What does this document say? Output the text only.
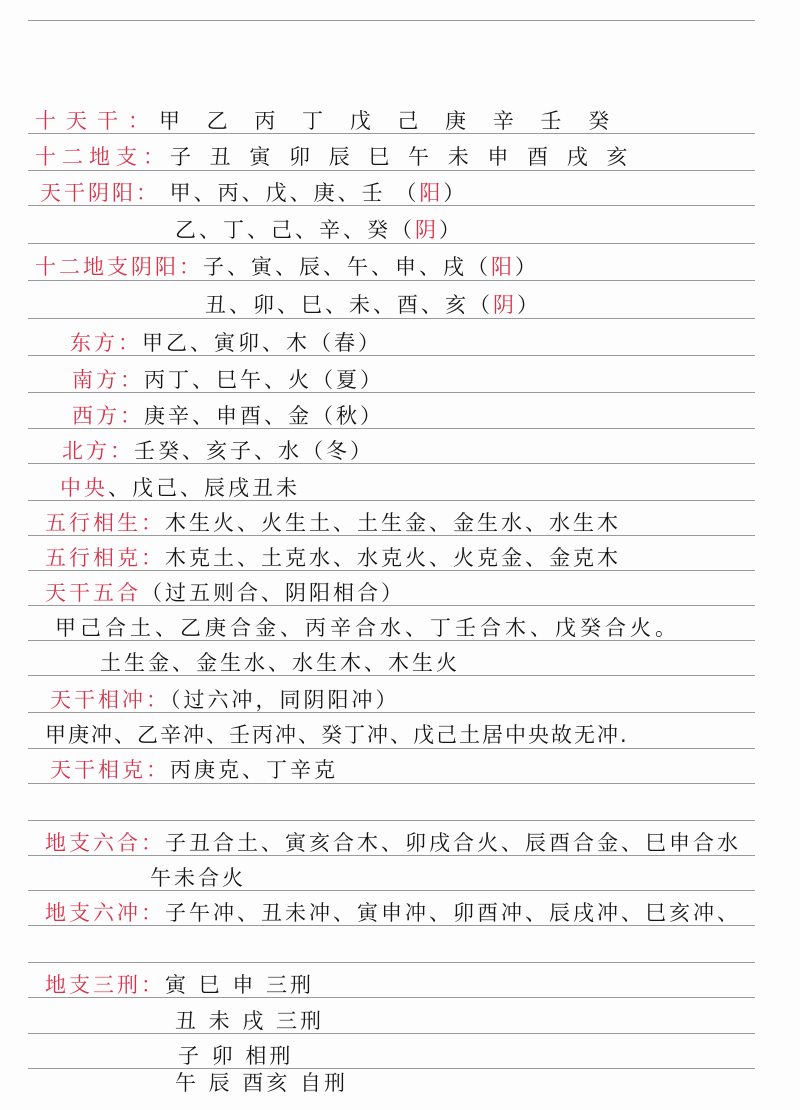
十天干：甲 乙 丙 丁 戊 己 庚 辛 壬 癸
十二地支：子 丑 寅 卯 辰 巳 午 未 申 酉 戌 亥
天干阴阳： 甲、丙、戊、庚、壬 （阳）
乙、丁、己、辛、癸（阴）
十二地支阴阳：子、寅、辰、午、申、戌（阳）
丑、卯、巳、未、酉、亥（阴）
东方：甲乙、寅卯、木（春）
南方：丙丁、巳午、火（夏）
西方：庚辛、申酉、金（秋）
北方：壬癸、亥子、水（冬）
中央、戊己、辰戌丑未
五行相生：木生火、火生土、土生金、金生水、水生木
五行相克：木克土、土克水、水克火、火克金、金克木
天干五合（过五则合、阴阳相合）
甲己合土、乙庚合金、丙辛合水、丁壬合木、戊癸合火。
土生金、金生水、水生木、木生火
天干相冲：（过六冲，同阴阳冲）
甲庚冲、乙辛冲、壬丙冲、癸丁冲、戊己土居中央故无冲.
天干相克：丙庚克、丁辛克
地支六合：子丑合土、寅亥合木、卯戌合火、辰酉合金、巳申合水
午未合火
地支六冲：子午冲、丑未冲、寅申冲、卯酉冲、辰戌冲、巳亥冲、
地支三刑：寅 巳 申 三刑
丑 未 戌 三刑
子 卯 相刑
午 辰 酉亥 自刑
